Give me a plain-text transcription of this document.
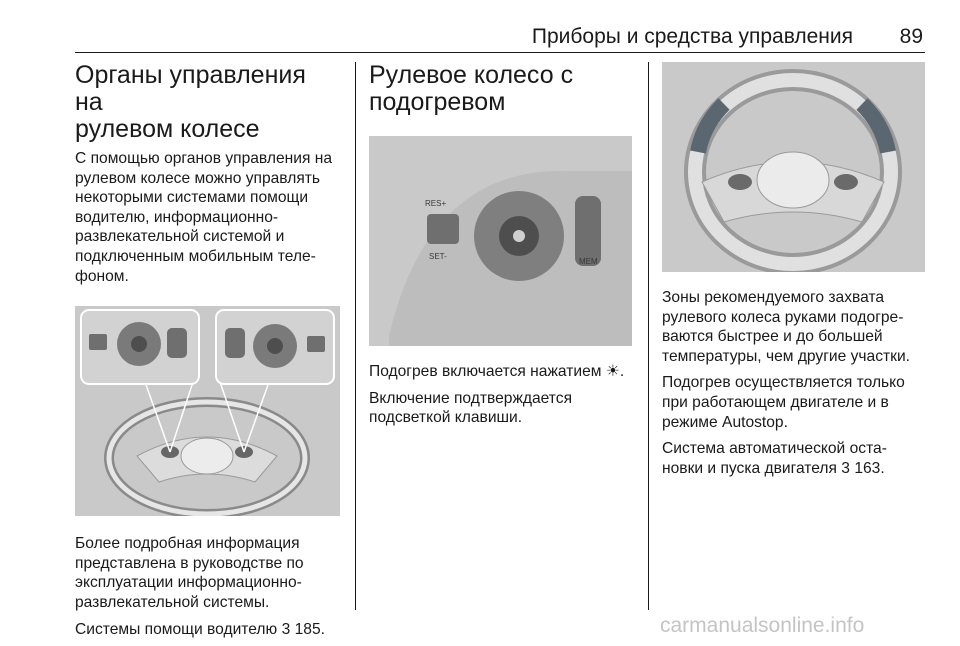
Приборы и средства управления 89
Органы управления на
рулевом колесе

С помощью органов управления на рулевом колесе можно управлять некоторыми системами помощи водителю, информационно-развлекательной системой и подключенным мобильным теле-фоном.

Более подробная информация представлена в руководстве по эксплуатации информационно-развлекательной системы.

Системы помощи водителю 3 185.

Рулевое колесо с
подогревом
RES+
SET-
MEM

Подогрев включается нажатием ☀.

Включение подтверждается подсветкой клавиши.

Зоны рекомендуемого захвата рулевого колеса руками подогре-ваются быстрее и до большей температуры, чем другие участки.

Подогрев осуществляется только при работающем двигателе и в режиме Autostop.

Система автоматической оста-новки и пуска двигателя 3 163.

carmanualsonline.info
